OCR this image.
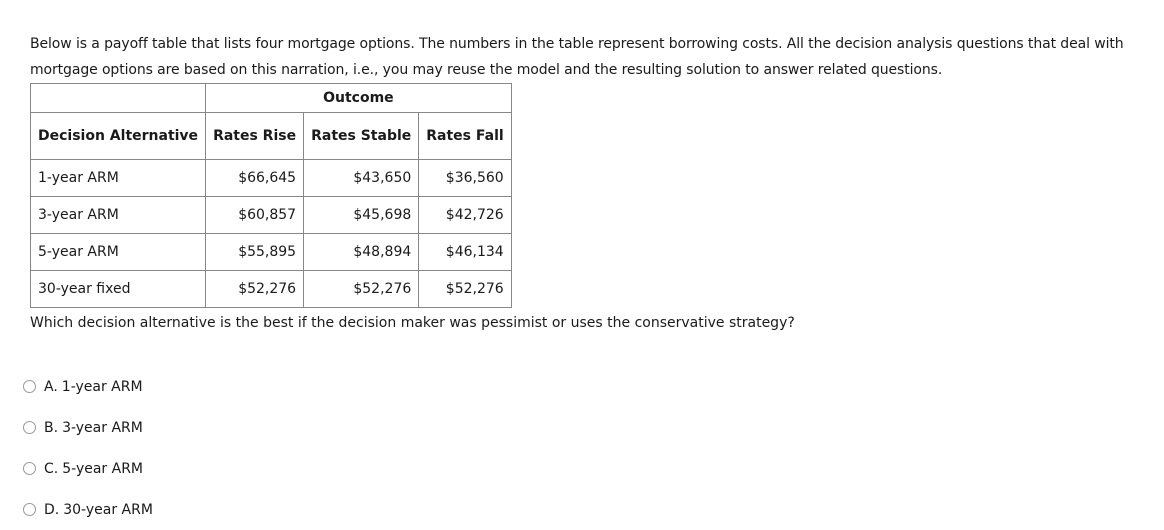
Below is a payoff table that lists four mortgage options. The numbers in the table represent borrowing costs. All the decision analysis questions that deal with mortgage options are based on this narration, i.e., you may reuse the model and the resulting solution to answer related questions.
	Outcome		
Decision Alternative	Rates Rise	Rates Stable	Rates Fall
1-year ARM	$66,645	$43,650	$36,560
3-year ARM	$60,857	$45,698	$42,726
5-year ARM	$55,895	$48,894	$46,134
30-year fixed	$52,276	$52,276	$52,276
Which decision alternative is the best if the decision maker was pessimist or uses the conservative strategy?
A. 1-year ARM
B. 3-year ARM
C. 5-year ARM
D. 30-year ARM
